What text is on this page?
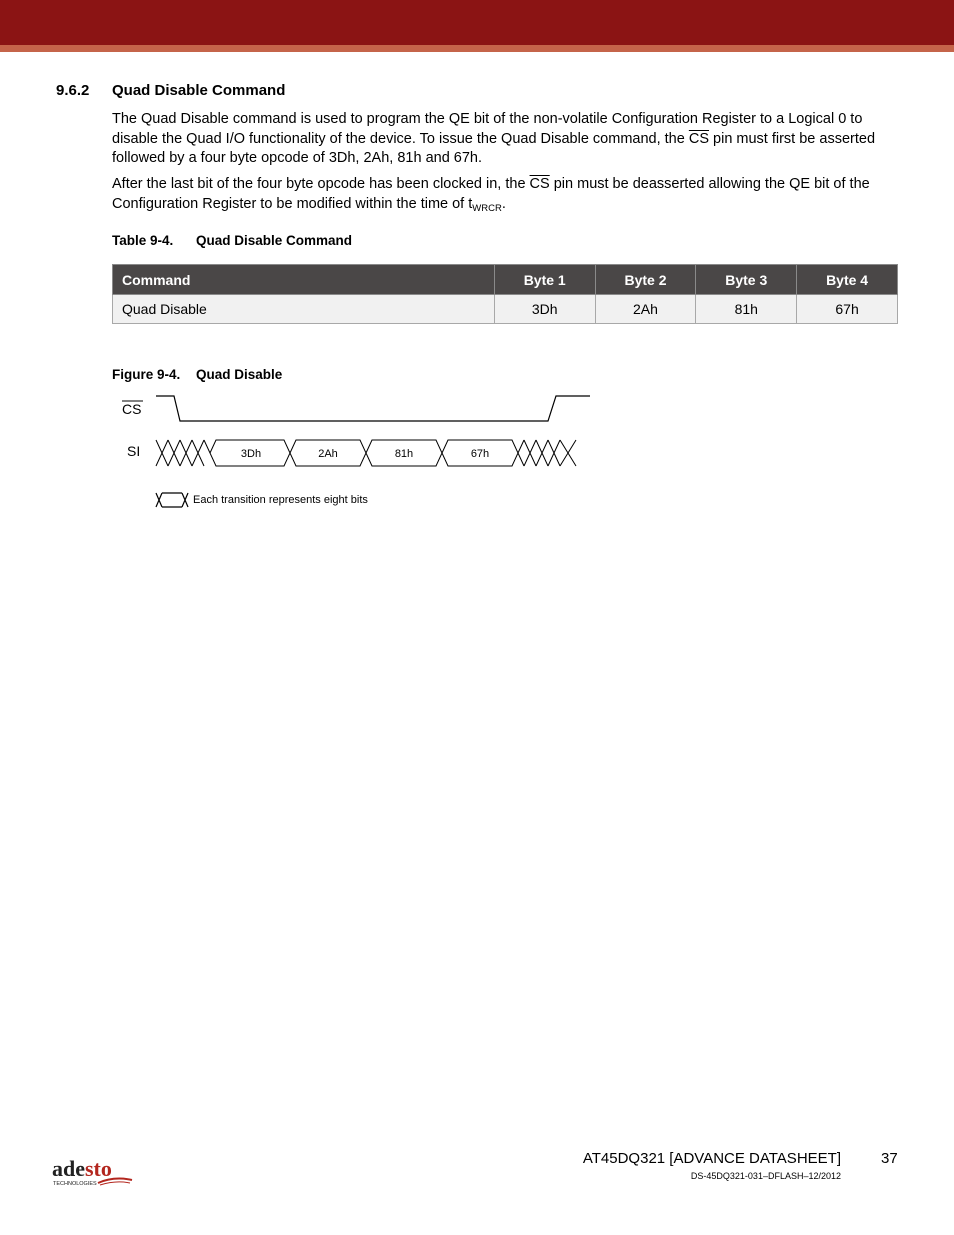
9.6.2 Quad Disable Command

The Quad Disable command is used to program the QE bit of the non-volatile Configuration Register to a Logical 0 to disable the Quad I/O functionality of the device. To issue the Quad Disable command, the $\overline{CS}$ pin must first be asserted followed by a four byte opcode of 3Dh, 2Ah, 81h and 67h.

After the last bit of the four byte opcode has been clocked in, the $\overline{CS}$ pin must be deasserted allowing the QE bit of the Configuration Register to be modified within the time of $t_{WRCR}$.

Table 9-4. Quad Disable Command
Command	Byte 1	Byte 2	Byte 3	Byte 4
Quad Disable	3Dh	2Ah	81h	67h
Figure 9-4. Quad Disable
CS
SI	3Dh	2Ah	81h	67h
Each transition represents eight bits
adesto
TECHNOLOGIES
AT45DQ321 [ADVANCE DATASHEET]	37
DS-45DQ321-031–DFLASH–12/2012
